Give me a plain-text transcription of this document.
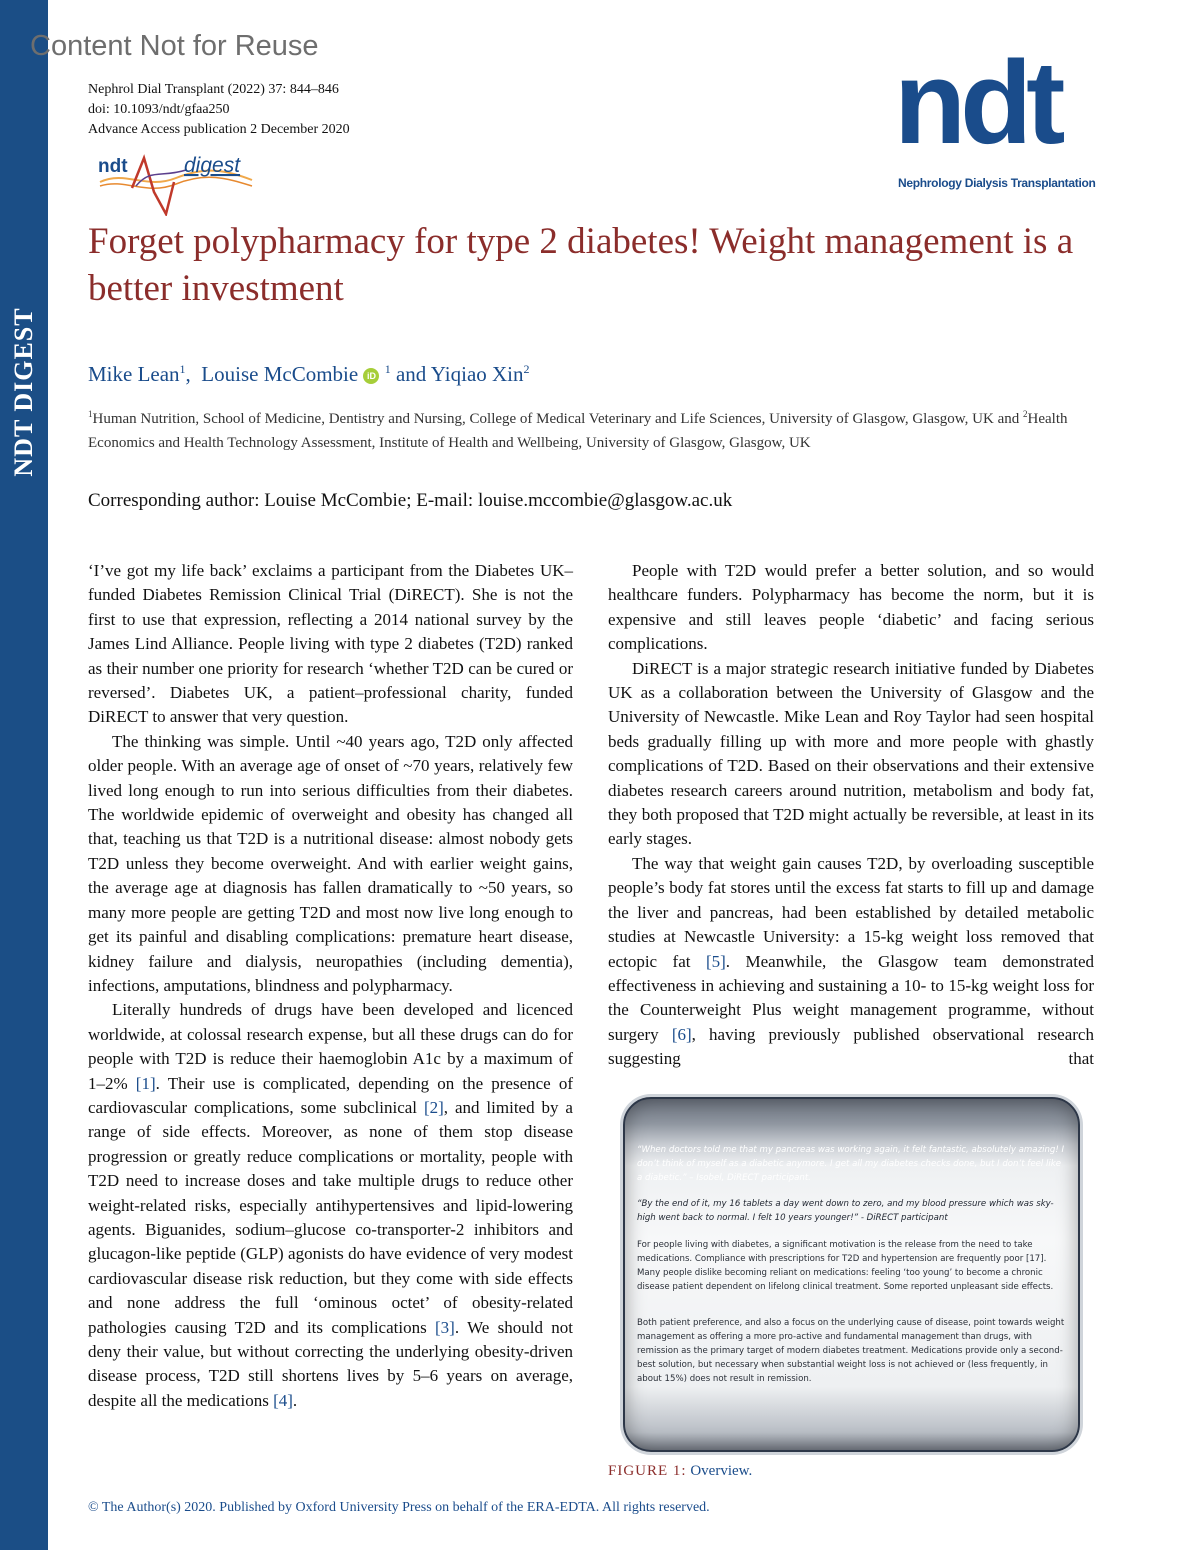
NDT DIGEST
Content Not for Reuse
Nephrol Dial Transplant (2022) 37: 844–846
doi: 10.1093/ndt/gfaa250
Advance Access publication 2 December 2020
ndt	digest	ndt
Nephrology Dialysis Transplantation
Forget polypharmacy for type 2 diabetes! Weight management is a better investment
Mike Lean$^1$, Louise McCombie iD $^1$ and Yiqiao Xin$^2$

$^1$Human Nutrition, School of Medicine, Dentistry and Nursing, College of Medical Veterinary and Life Sciences, University of Glasgow, Glasgow, UK and $^2$Health Economics and Health Technology Assessment, Institute of Health and Wellbeing, University of Glasgow, Glasgow, UK

Corresponding author: Louise McCombie; E-mail: louise.mccombie@glasgow.ac.uk

‘I’ve got my life back’ exclaims a participant from the Diabetes UK–funded Diabetes Remission Clinical Trial (DiRECT). She is not the first to use that expression, reflecting a 2014 national survey by the James Lind Alliance. People living with type 2 diabetes (T2D) ranked as their number one priority for research ‘whether T2D can be cured or reversed’. Diabetes UK, a patient–professional charity, funded DiRECT to answer that very question.

The thinking was simple. Until ~40 years ago, T2D only affected older people. With an average age of onset of ~70 years, relatively few lived long enough to run into serious difficulties from their diabetes. The worldwide epidemic of overweight and obesity has changed all that, teaching us that T2D is a nutritional disease: almost nobody gets T2D unless they become overweight. And with earlier weight gains, the average age at diagnosis has fallen dramatically to ~50 years, so many more people are getting T2D and most now live long enough to get its painful and disabling complications: premature heart disease, kidney failure and dialysis, neuropathies (including dementia), infections, amputations, blindness and polypharmacy.

Literally hundreds of drugs have been developed and licenced worldwide, at colossal research expense, but all these drugs can do for people with T2D is reduce their haemoglobin A1c by a maximum of 1–2% [1]. Their use is complicated, depending on the presence of cardiovascular complications, some subclinical [2], and limited by a range of side effects. Moreover, as none of them stop disease progression or greatly reduce complications or mortality, people with T2D need to increase doses and take multiple drugs to reduce other weight-related risks, especially antihypertensives and lipid-lowering agents. Biguanides, sodium–glucose co-transporter-2 inhibitors and glucagon-like peptide (GLP) agonists do have evidence of very modest cardiovascular disease risk reduction, but they come with side effects and none address the full ‘ominous octet’ of obesity-related pathologies causing T2D and its complications [3]. We should not deny their value, but without correcting the underlying obesity-driven disease process, T2D still shortens lives by 5–6 years on average, despite all the medications [4].

People with T2D would prefer a better solution, and so would healthcare funders. Polypharmacy has become the norm, but it is expensive and still leaves people ‘diabetic’ and facing serious complications.

DiRECT is a major strategic research initiative funded by Diabetes UK as a collaboration between the University of Glasgow and the University of Newcastle. Mike Lean and Roy Taylor had seen hospital beds gradually filling up with more and more people with ghastly complications of T2D. Based on their observations and their extensive diabetes research careers around nutrition, metabolism and body fat, they both proposed that T2D might actually be reversible, at least in its early stages.

The way that weight gain causes T2D, by overloading susceptible people’s body fat stores until the excess fat starts to fill up and damage the liver and pancreas, had been established by detailed metabolic studies at Newcastle University: a 15-kg weight loss removed that ectopic fat [5]. Meanwhile, the Glasgow team demonstrated effectiveness in achieving and sustaining a 10- to 15-kg weight loss for the Counterweight Plus weight management programme, without surgery [6], having previously published observational research suggesting that

“When doctors told me that my pancreas was working again, it felt fantastic, absolutely amazing! I don’t think of myself as a diabetic anymore. I get all my diabetes checks done, but I don’t feel like a diabetic.” – Isobel, DiRECT participant.

“By the end of it, my 16 tablets a day went down to zero, and my blood pressure which was sky-high went back to normal. I felt 10 years younger!” - DiRECT participant

For people living with diabetes, a significant motivation is the release from the need to take medications. Compliance with prescriptions for T2D and hypertension are frequently poor [17]. Many people dislike becoming reliant on medications: feeling ‘too young’ to become a chronic disease patient dependent on lifelong clinical treatment. Some reported unpleasant side effects.

Both patient preference, and also a focus on the underlying cause of disease, point towards weight management as offering a more pro-active and fundamental management than drugs, with remission as the primary target of modern diabetes treatment. Medications provide only a second-best solution, but necessary when substantial weight loss is not achieved or (less frequently, in about 15%) does not result in remission.

FIGURE 1: Overview.
© The Author(s) 2020. Published by Oxford University Press on behalf of the ERA-EDTA. All rights reserved.
